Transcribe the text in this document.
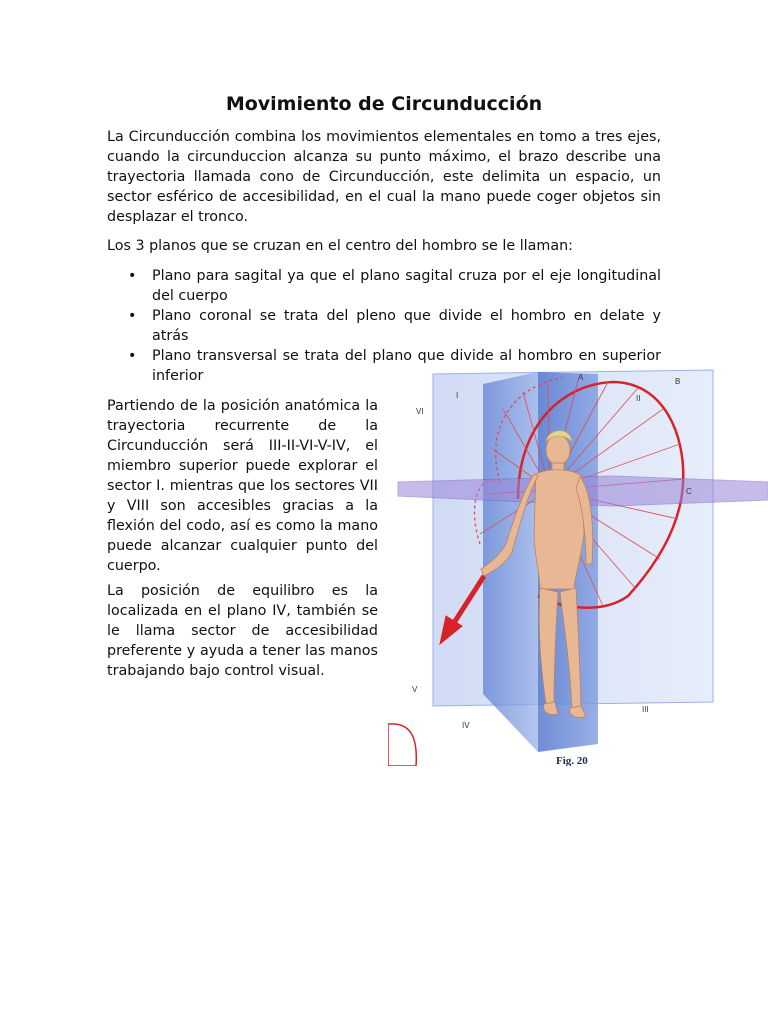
Movimiento de Circunducción

La Circunducción combina los movimientos elementales en tomo a tres ejes, cuando la circunduccion alcanza su punto máximo, el brazo describe una trayectoria llamada cono de Circunducción, este delimita un espacio, un sector esférico de accesibilidad, en el cual la mano puede coger objetos sin desplazar el tronco.

Los 3 planos que se cruzan en el centro del hombro se le llaman:

• Plano para sagital ya que el plano sagital cruza por el eje longitudinal del cuerpo
• Plano coronal se trata del pleno que divide el hombro en delate y atrás
• Plano transversal se trata del plano que divide al hombro en superior inferior

Partiendo de la posición anatómica la trayectoria recurrente de la Circunducción será III-II-VI-V-IV, el miembro superior puede explorar el sector I. mientras que los sectores VII y VIII son accesibles gracias a la flexión del codo, así es como la mano puede alcanzar cualquier punto del cuerpo.

La posición de equilibro es la localizada en el plano IV, también se le llama sector de accesibilidad preferente y ayuda a tener las manos trabajando bajo control visual.

A	B
C
I	II
III
IV
V
VI
Fig. 20
